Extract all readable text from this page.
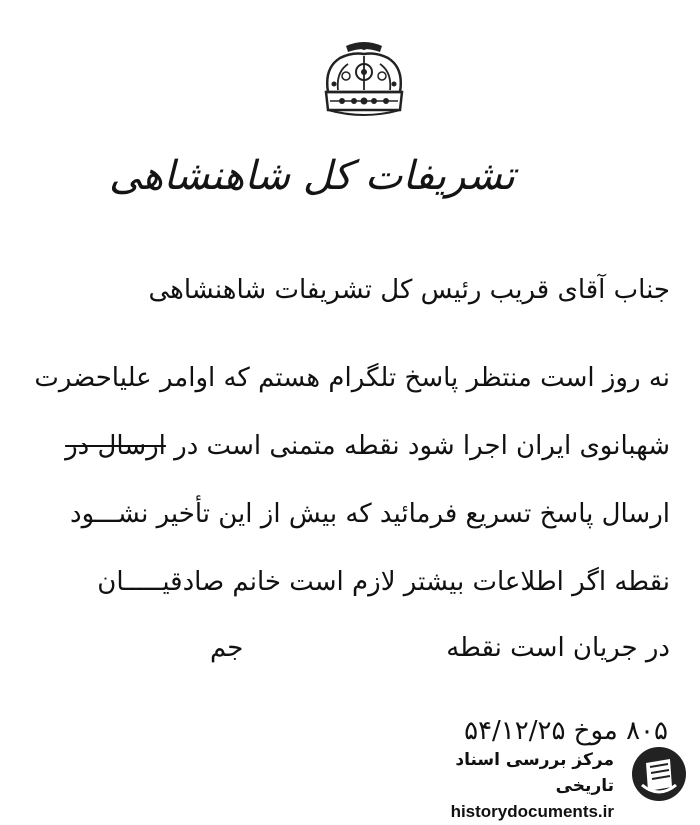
تشریفات کل شاهنشاهی
جناب آقای قریب رئیس کل تشریفات شاهنشاهی
نه روز است منتظر پاسخ تلگرام هستم که اوامر علیاحضرت
شهبانوی ایران اجرا شود نقطه متمنی است در ارسال در
ارسال پاسخ تسریع فرمائید که بیش از این تأخیر نشـــود
نقطه اگر اطلاعات بیشتر لازم است خانم صادقیـــــان
در جریان است نقطه
جم
۸۰۵ موخ ۵۴/۱۲/۲۵
مرکز بررسی اسناد تاریخی
historydocuments.ir
